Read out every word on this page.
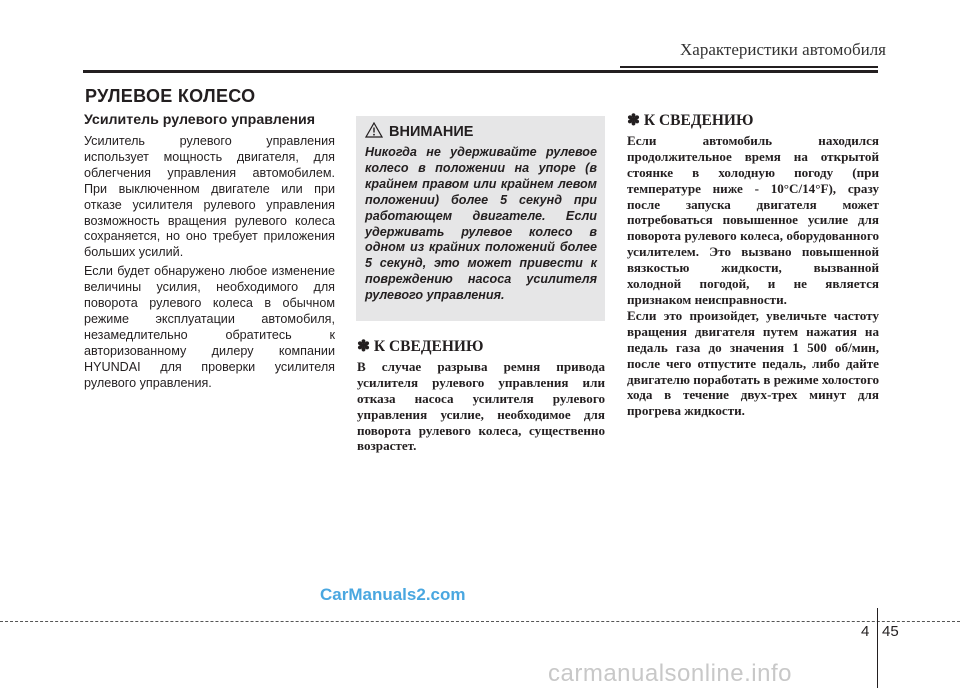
Характеристики автомобиля
РУЛЕВОЕ КОЛЕСО
Усилитель рулевого управления

Усилитель рулевого управления использует мощность двигателя, для облегчения управления автомобилем. При выключенном двигателе или при отказе усилителя рулевого управления возможность вращения рулевого колеса сохраняется, но оно требует приложения больших усилий.

Если будет обнаружено любое изменение величины усилия, необходимого для поворота рулевого колеса в обычном режиме эксплуатации автомобиля, незамедлительно обратитесь к авторизованному дилеру компании HYUNDAI для проверки усилителя рулевого управления.

ВНИМАНИЕ

Никогда не удерживайте рулевое колесо в положении на упоре (в крайнем правом или крайнем левом положении) более 5 секунд при работающем двигателе. Если удерживать рулевое колесо в одном из крайних положений более 5 секунд, это может привести к повреждению насоса усилителя рулевого управления.

✽ К СВЕДЕНИЮ

В случае разрыва ремня привода усилителя рулевого управления или отказа насоса усилителя рулевого управления усилие, необходимое для поворота рулевого колеса, существенно возрастет.

✽ К СВЕДЕНИЮ

Если автомобиль находился продолжительное время на открытой стоянке в холодную погоду (при температуре ниже - 10°C/14°F), сразу после запуска двигателя может потребоваться повышенное усилие для поворота рулевого колеса, оборудованного усилителем. Это вызвано повышенной вязкостью жидкости, вызванной холодной погодой, и не является признаком неисправности.

Если это произойдет, увеличьте частоту вращения двигателя путем нажатия на педаль газа до значения 1 500 об/мин, после чего отпустите педаль, либо дайте двигателю поработать в режиме холостого хода в течение двух-трех минут для прогрева жидкости.

CarManuals2.com
4 45
carmanualsonline.info
